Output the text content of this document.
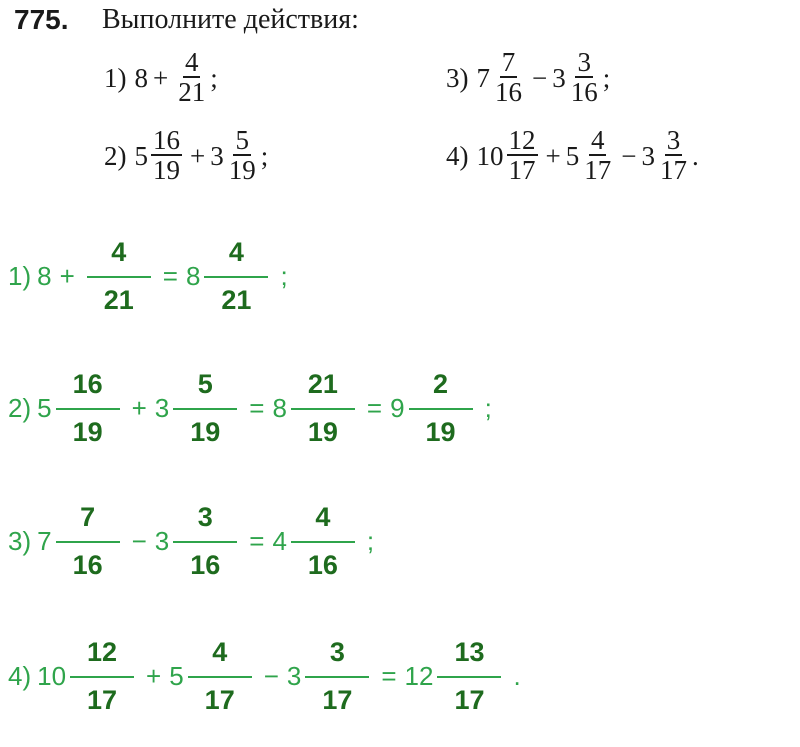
775. Выполните действия:
1) $8 + \frac{4}{21}$ ;	3) $7 \frac{7}{16} - 3 \frac{3}{16}$ ;
2) $5 \frac{16}{19} + 3 \frac{5}{19}$ ;	4) $10 \frac{12}{17} + 5 \frac{4}{17} - 3 \frac{3}{17}$ .
1) $8 + \frac{4}{21} = 8 \frac{4}{21}$ ;
2) $5 \frac{16}{19} + 3 \frac{5}{19} = 8 \frac{21}{19} = 9 \frac{2}{19}$ ;
3) $7 \frac{7}{16} - 3 \frac{3}{16} = 4 \frac{4}{16}$ ;
4) $10 \frac{12}{17} + 5 \frac{4}{17} - 3 \frac{3}{17} = 12 \frac{13}{17}$ .
